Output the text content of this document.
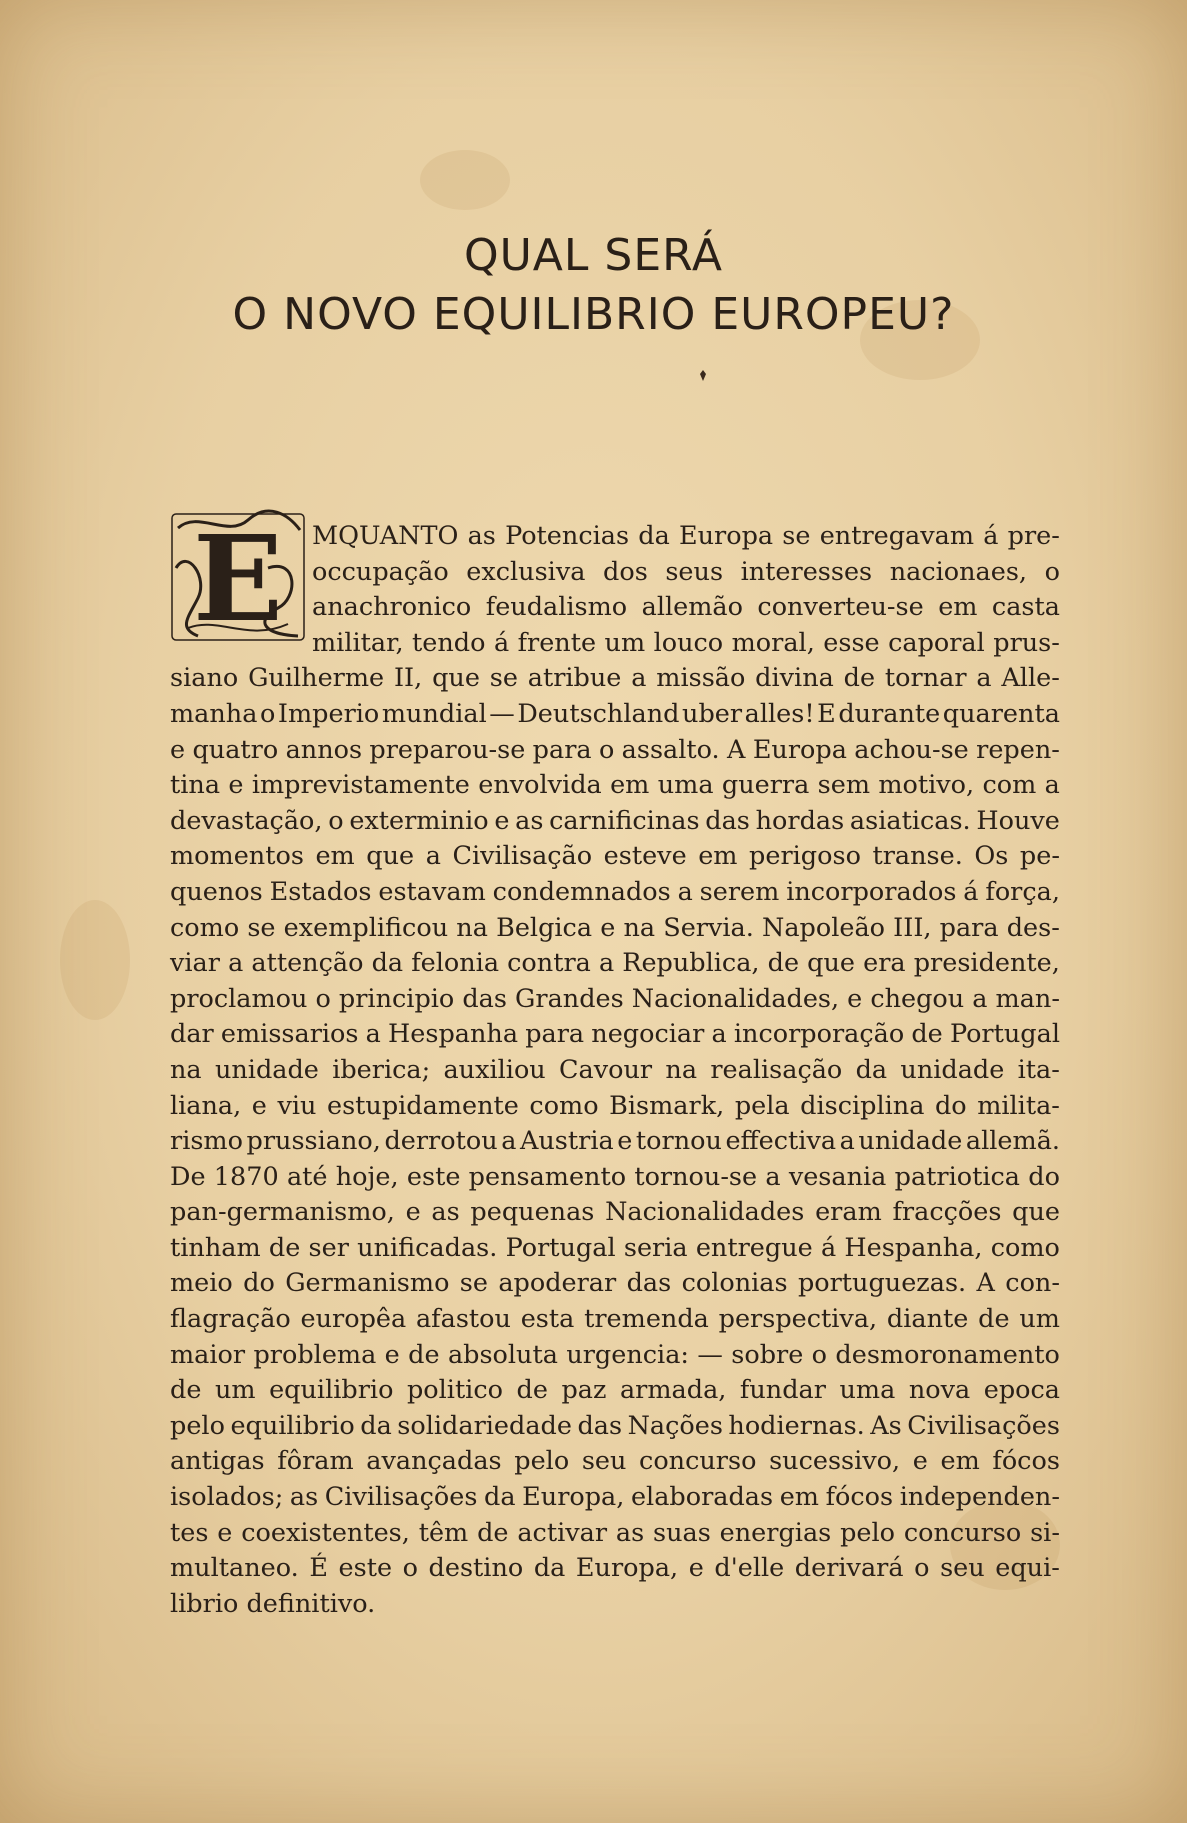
QUAL SERÁ
O NOVO EQUILIBRIO EUROPEU?
E MQUANTO as Potencias da Europa se entregavam á pre-
occupação exclusiva dos seus interesses nacionaes, o
anachronico feudalismo allemão converteu-se em casta
militar, tendo á frente um louco moral, esse caporal prus-
siano Guilherme II, que se atribue a missão divina de tornar a Alle-
manha o Imperio mundial — Deutschland uber alles! E durante quarenta
e quatro annos preparou-se para o assalto. A Europa achou-se repen-
tina e imprevistamente envolvida em uma guerra sem motivo, com a
devastação, o exterminio e as carnificinas das hordas asiaticas. Houve
momentos em que a Civilisação esteve em perigoso transe. Os pe-
quenos Estados estavam condemnados a serem incorporados á força,
como se exemplificou na Belgica e na Servia. Napoleão III, para des-
viar a attenção da felonia contra a Republica, de que era presidente,
proclamou o principio das Grandes Nacionalidades, e chegou a man-
dar emissarios a Hespanha para negociar a incorporação de Portugal
na unidade iberica; auxiliou Cavour na realisação da unidade ita-
liana, e viu estupidamente como Bismark, pela disciplina do milita-
rismo prussiano, derrotou a Austria e tornou effectiva a unidade allemã.
De 1870 até hoje, este pensamento tornou-se a vesania patriotica do
pan-germanismo, e as pequenas Nacionalidades eram fracções que
tinham de ser unificadas. Portugal seria entregue á Hespanha, como
meio do Germanismo se apoderar das colonias portuguezas. A con-
flagração europêa afastou esta tremenda perspectiva, diante de um
maior problema e de absoluta urgencia: — sobre o desmoronamento
de um equilibrio politico de paz armada, fundar uma nova epoca
pelo equilibrio da solidariedade das Nações hodiernas. As Civilisações
antigas fôram avançadas pelo seu concurso sucessivo, e em fócos
isolados; as Civilisações da Europa, elaboradas em fócos independen-
tes e coexistentes, têm de activar as suas energias pelo concurso si-
multaneo. É este o destino da Europa, e d'elle derivará o seu equi-
librio definitivo.
